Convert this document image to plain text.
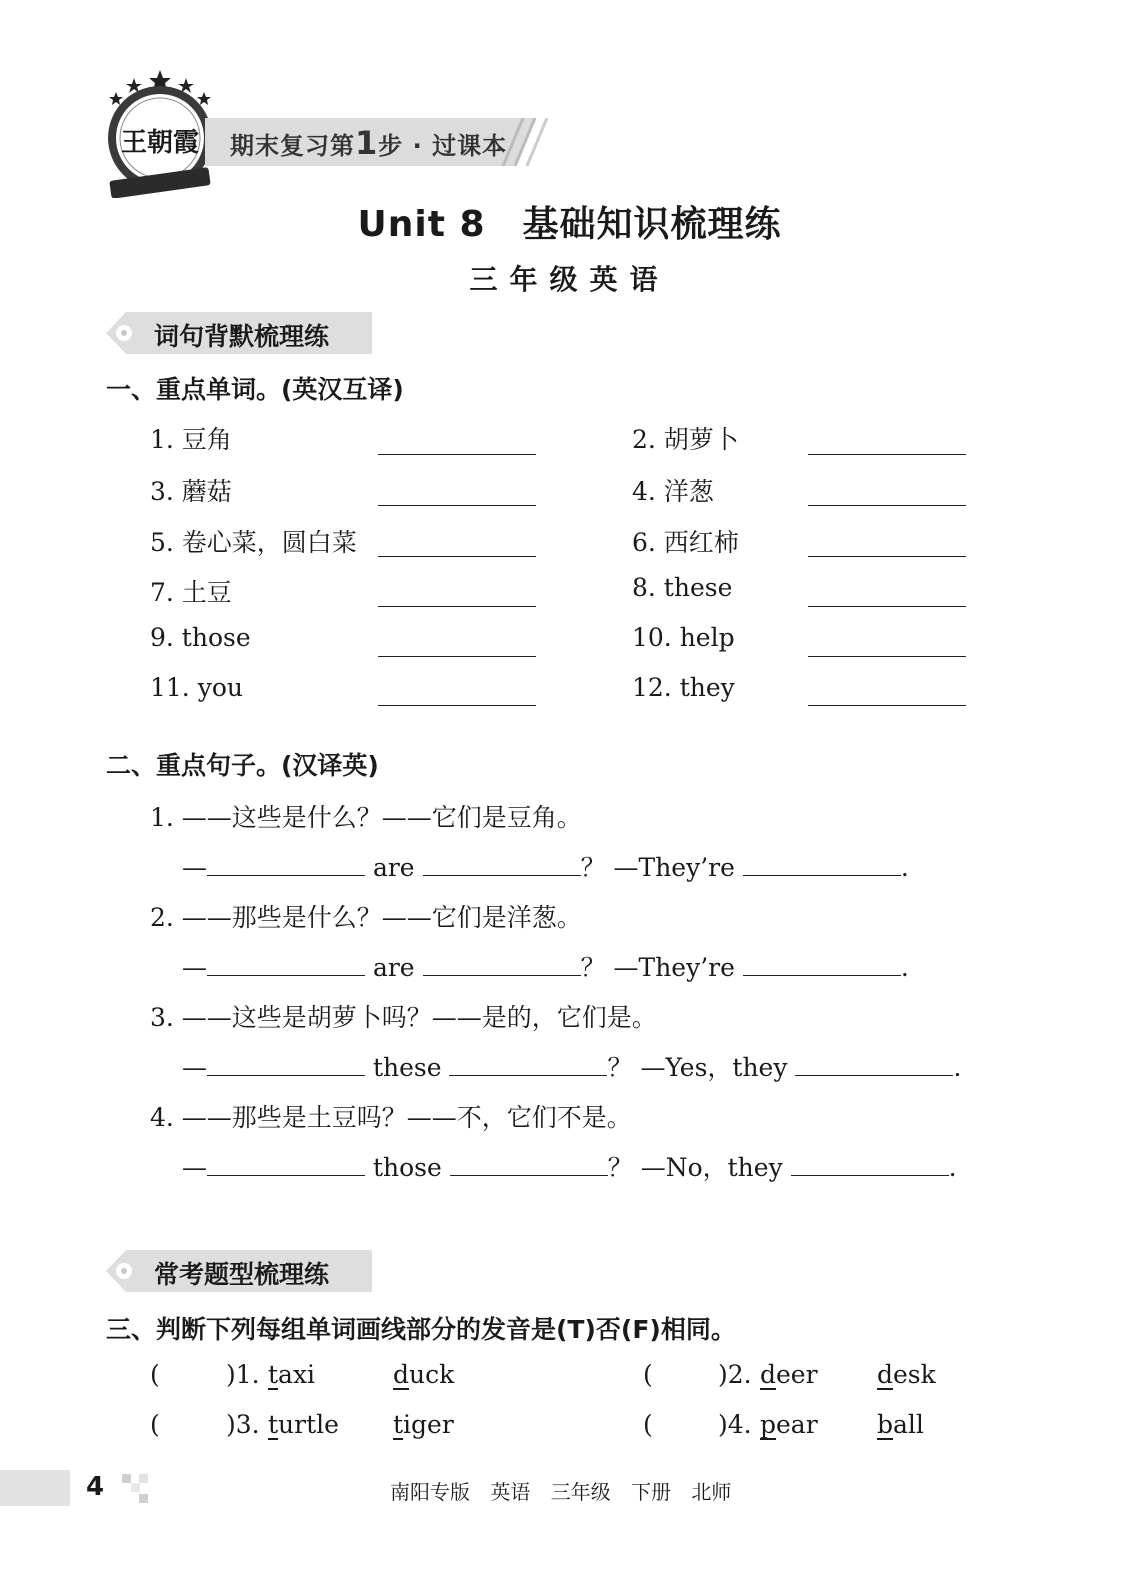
王朝霞 期末复习第1步 · 过课本
Unit 8　基础知识梳理练
三年级英语
词句背默梳理练
一、重点单词。(英汉互译)
1. 豆角	2. 胡萝卜
3. 蘑菇	4. 洋葱
5. 卷心菜，圆白菜	6. 西红柿
7. 土豆	8. these
9. those	10. help
11. you	12. they
二、重点句子。(汉译英)
1. ——这些是什么？——它们是豆角。
—	are	？ —They’re	.
2. ——那些是什么？——它们是洋葱。
—	are	？ —They’re	.
3. ——这些是胡萝卜吗？——是的，它们是。
—	these	？ —Yes，they	.
4. ——那些是土豆吗？——不，它们不是。
—	those	？ —No，they	.
常考题型梳理练
三、判断下列每组单词画线部分的发音是(T)否(F)相同。
(	)1. taxi	duck	(	)2. deer desk
(	)3. turtle tiger	(	)4. pear ball
4	南阳专版 英语 三年级 下册 北师
